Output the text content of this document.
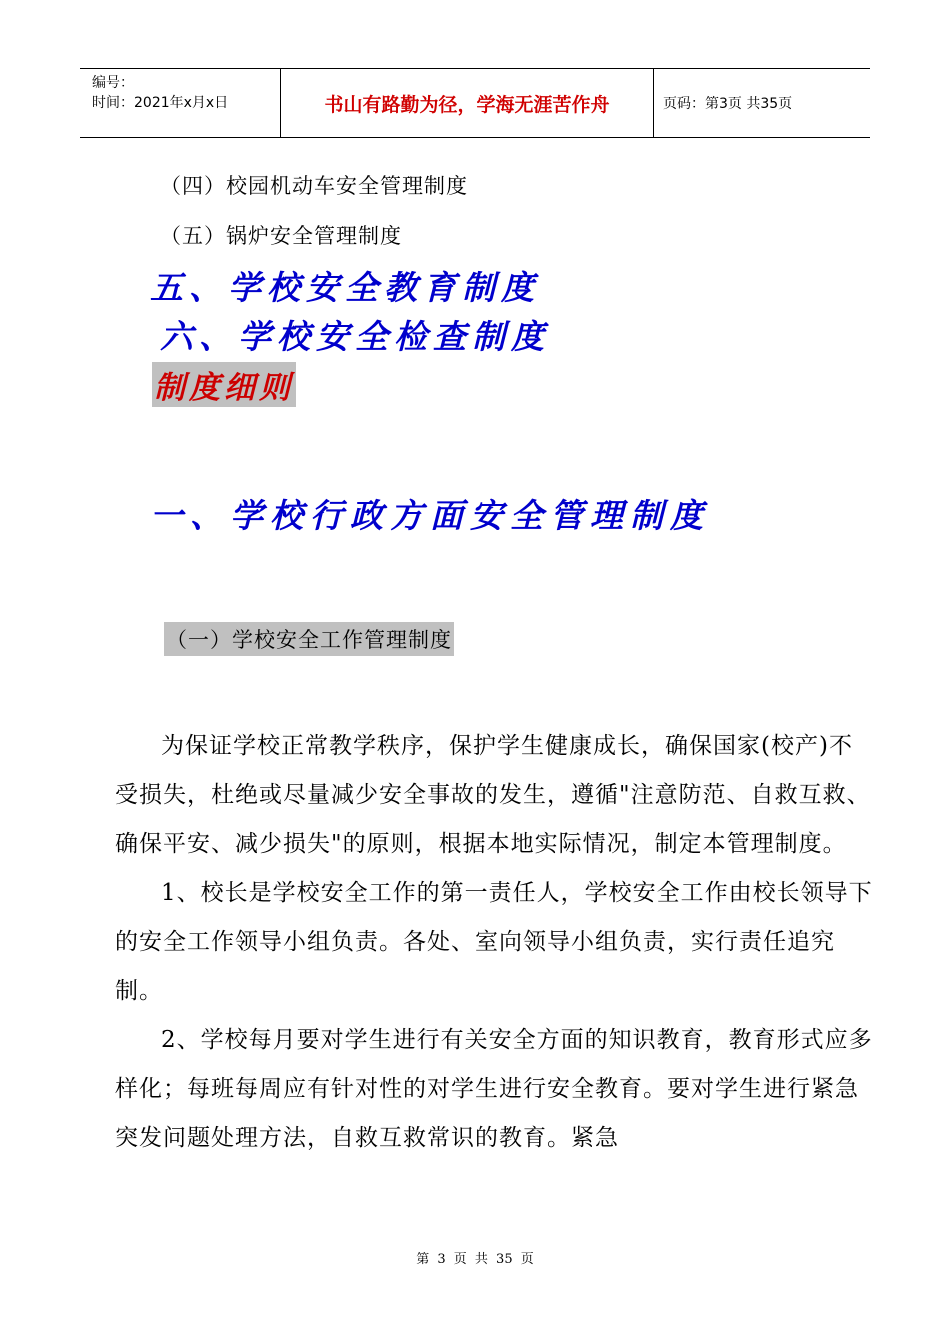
编号：
时间：2021年x月x日	书山有路勤为径，学海无涯苦作舟	页码：第3页 共35页
（四）校园机动车安全管理制度
（五）锅炉安全管理制度
五、学校安全教育制度
六、学校安全检查制度
制度细则
一、学校行政方面安全管理制度
（一）学校安全工作管理制度

为保证学校正常教学秩序，保护学生健康成长，确保国家(校产)不受损失，杜绝或尽量减少安全事故的发生，遵循"注意防范、自救互救、确保平安、减少损失"的原则，根据本地实际情况，制定本管理制度。

1、校长是学校安全工作的第一责任人，学校安全工作由校长领导下的安全工作领导小组负责。各处、室向领导小组负责，实行责任追究制。

2、学校每月要对学生进行有关安全方面的知识教育，教育形式应多样化；每班每周应有针对性的对学生进行安全教育。要对学生进行紧急突发问题处理方法，自救互救常识的教育。紧急

第 3 页 共 35 页
